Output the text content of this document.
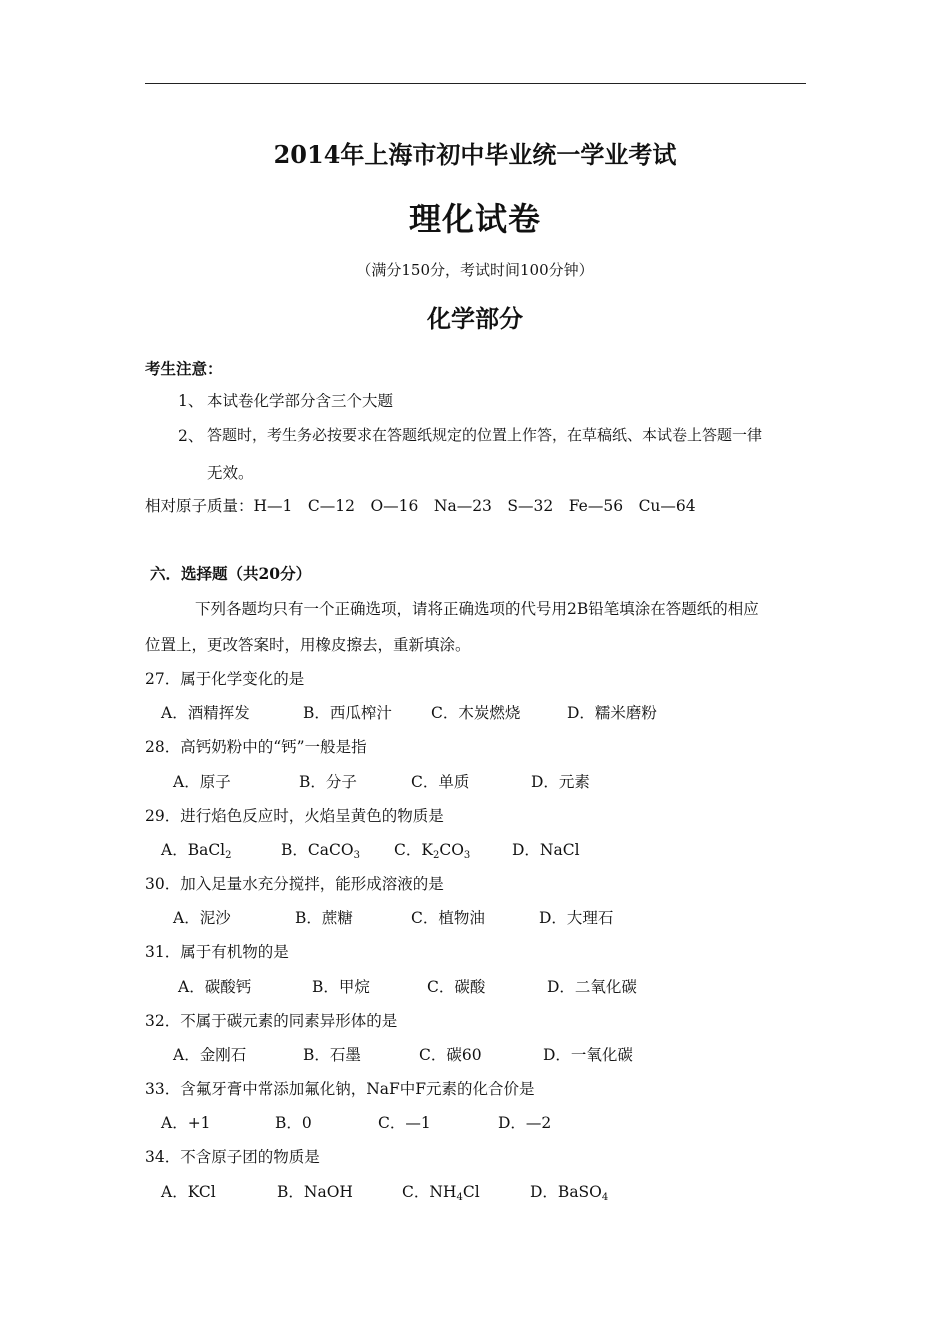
2014年上海市初中毕业统一学业考试
理化试卷
（满分150分，考试时间100分钟）
化学部分
考生注意：
1、 本试卷化学部分含三个大题
2、 答题时，考生务必按要求在答题纸规定的位置上作答，在草稿纸、本试卷上答题一律
无效。
相对原子质量：H—1　C—12　O—16　Na—23　S—32　Fe—56　Cu—64
六．选择题（共20分）
下列各题均只有一个正确选项，请将正确选项的代号用2B铅笔填涂在答题纸的相应
位置上，更改答案时，用橡皮擦去，重新填涂。
27．属于化学变化的是
A．酒精挥发	B．西瓜榨汁	C．木炭燃烧	D．糯米磨粉
28．高钙奶粉中的“钙”一般是指
A．原子	B．分子	C．单质	D．元素
29．进行焰色反应时，火焰呈黄色的物质是
A．BaCl$_2$	B．CaCO$_3$ C．$K_2CO_3$	D．NaCl
30．加入足量水充分搅拌，能形成溶液的是
A．泥沙	B．蔗糖	C．植物油	D．大理石
31．属于有机物的是
A．碳酸钙	B．甲烷	C．碳酸	D．二氧化碳
32．不属于碳元素的同素异形体的是
A．金刚石	B．石墨	C．碳60	D．一氧化碳
33．含氟牙膏中常添加氟化钠，NaF中F元素的化合价是
A．+1	B．0	C．—1	D．—2
34．不含原子团的物质是
A．KCl	B．NaOH	C．$NH_4Cl$	D．BaSO$_4$
